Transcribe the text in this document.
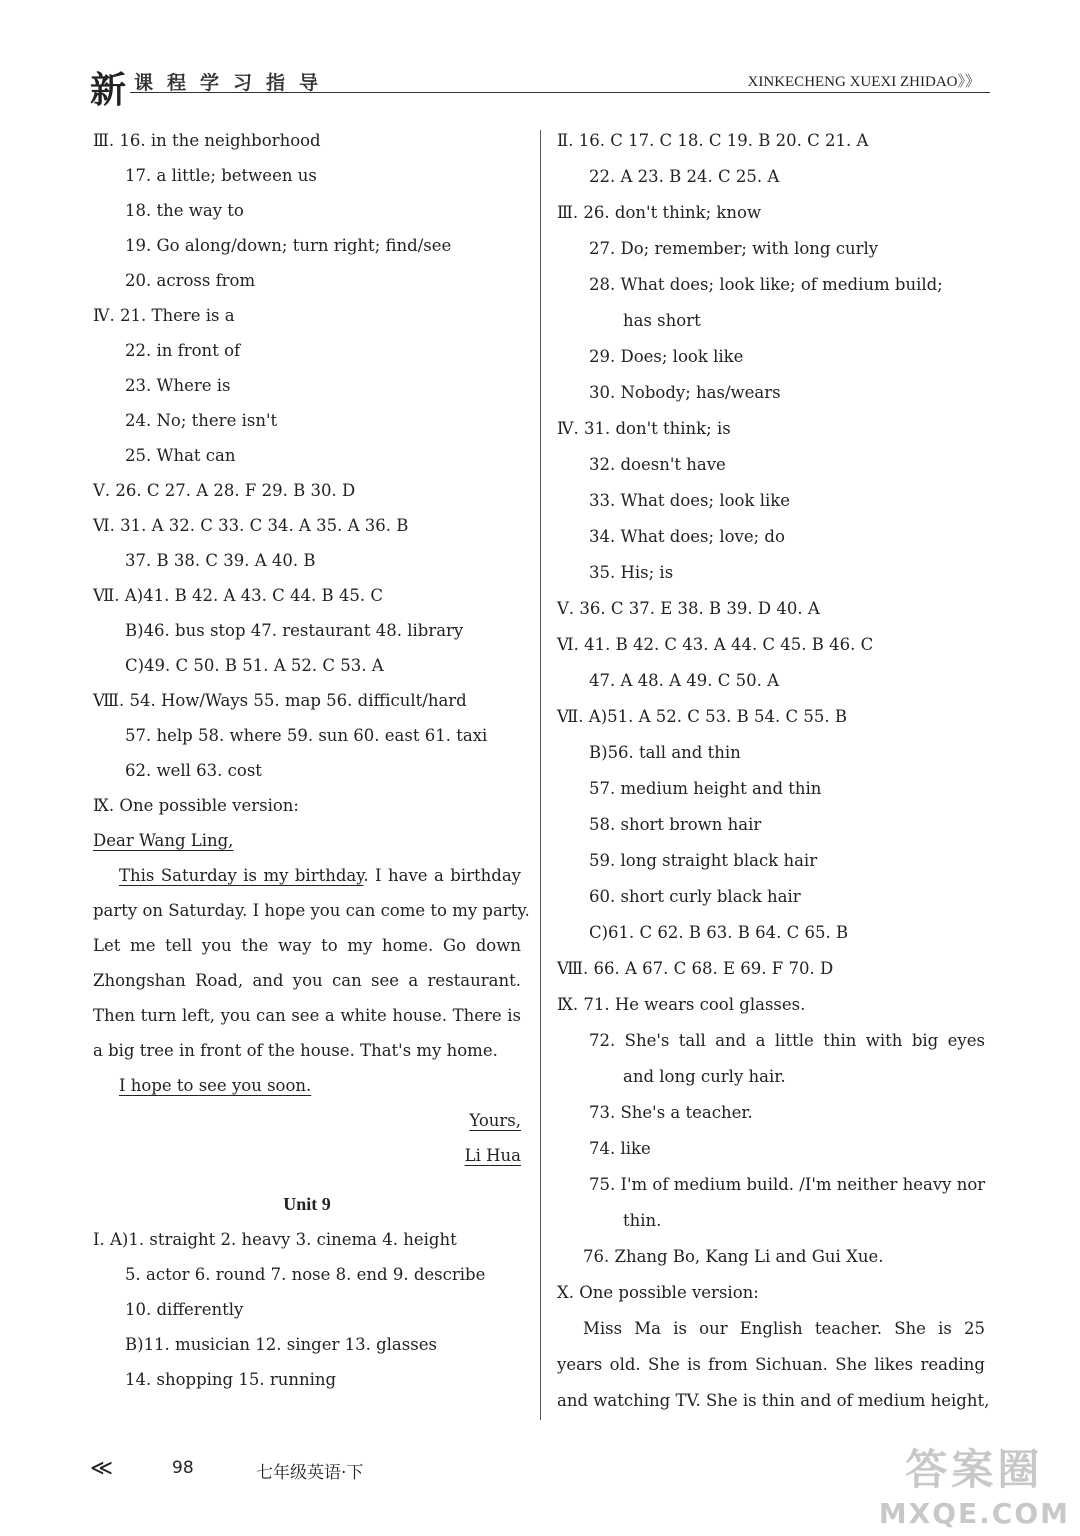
新 课程学习指导	XINKECHENG XUEXI ZHIDAO》》
Ⅲ. 16. in the neighborhood
17. a little; between us
18. the way to
19. Go along/down; turn right; find/see
20. across from
Ⅳ. 21. There is a
22. in front of
23. Where is
24. No; there isn't
25. What can
Ⅴ. 26. C 27. A 28. F 29. B 30. D
Ⅵ. 31. A 32. C 33. C 34. A 35. A 36. B
37. B 38. C 39. A 40. B
Ⅶ. A)41. B 42. A 43. C 44. B 45. C
B)46. bus stop 47. restaurant 48. library
C)49. C 50. B 51. A 52. C 53. A
Ⅷ. 54. How/Ways 55. map 56. difficult/hard
57. help 58. where 59. sun 60. east 61. taxi
62. well 63. cost
Ⅸ. One possible version:
Dear Wang Ling,
This Saturday is my birthday. I have a birthday
party on Saturday. I hope you can come to my party.
Let me tell you the way to my home. Go down
Zhongshan Road, and you can see a restaurant.
Then turn left, you can see a white house. There is
a big tree in front of the house. That's my home.
I hope to see you soon.
Yours,
Li Hua
Unit 9
Ⅰ. A)1. straight 2. heavy 3. cinema 4. height
5. actor 6. round 7. nose 8. end 9. describe
10. differently
B)11. musician 12. singer 13. glasses
14. shopping 15. running
Ⅱ. 16. C 17. C 18. C 19. B 20. C 21. A
22. A 23. B 24. C 25. A
Ⅲ. 26. don't think; know
27. Do; remember; with long curly
28. What does; look like; of medium build;
has short
29. Does; look like
30. Nobody; has/wears
Ⅳ. 31. don't think; is
32. doesn't have
33. What does; look like
34. What does; love; do
35. His; is
Ⅴ. 36. C 37. E 38. B 39. D 40. A
Ⅵ. 41. B 42. C 43. A 44. C 45. B 46. C
47. A 48. A 49. C 50. A
Ⅶ. A)51. A 52. C 53. B 54. C 55. B
B)56. tall and thin
57. medium height and thin
58. short brown hair
59. long straight black hair
60. short curly black hair
C)61. C 62. B 63. B 64. C 65. B
Ⅷ. 66. A 67. C 68. E 69. F 70. D
Ⅸ. 71. He wears cool glasses.
72. She's tall and a little thin with big eyes
and long curly hair.
73. She's a teacher.
74. like
75. I'm of medium build. /I'm neither heavy nor
thin.
76. Zhang Bo, Kang Li and Gui Xue.
Ⅹ. One possible version:
Miss Ma is our English teacher. She is 25
years old. She is from Sichuan. She likes reading
and watching TV. She is thin and of medium height,
≪	98	七年级英语·下	答案圈
MXQE.COM
